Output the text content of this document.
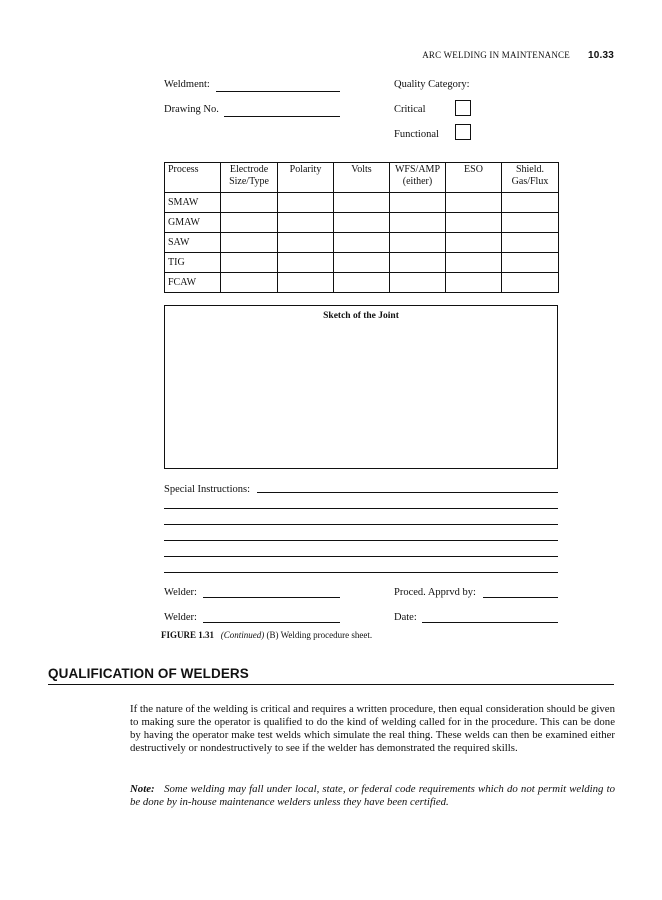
ARC WELDING IN MAINTENANCE 10.33
Weldment:
Drawing No.
Quality Category:
Critical
Functional
Process	Electrode Size/Type	Polarity	Volts	WFS/AMP (either)	ESO	Shield. Gas/Flux
SMAW						
GMAW						
SAW						
TIG						
FCAW						
Sketch of the Joint
Special Instructions:
Welder:	Proced. Apprvd by:
Welder:	Date:
FIGURE 1.31 (Continued) (B) Welding procedure sheet.
QUALIFICATION OF WELDERS
If the nature of the welding is critical and requires a written procedure, then equal consideration should be given to making sure the operator is qualified to do the kind of welding called for in the procedure. This can be done by having the operator make test welds which simulate the real thing. These welds can then be examined either destructively or nondestructively to see if the welder has demonstrated the required skills.
Note: Some welding may fall under local, state, or federal code requirements which do not permit welding to be done by in-house maintenance welders unless they have been certified.
